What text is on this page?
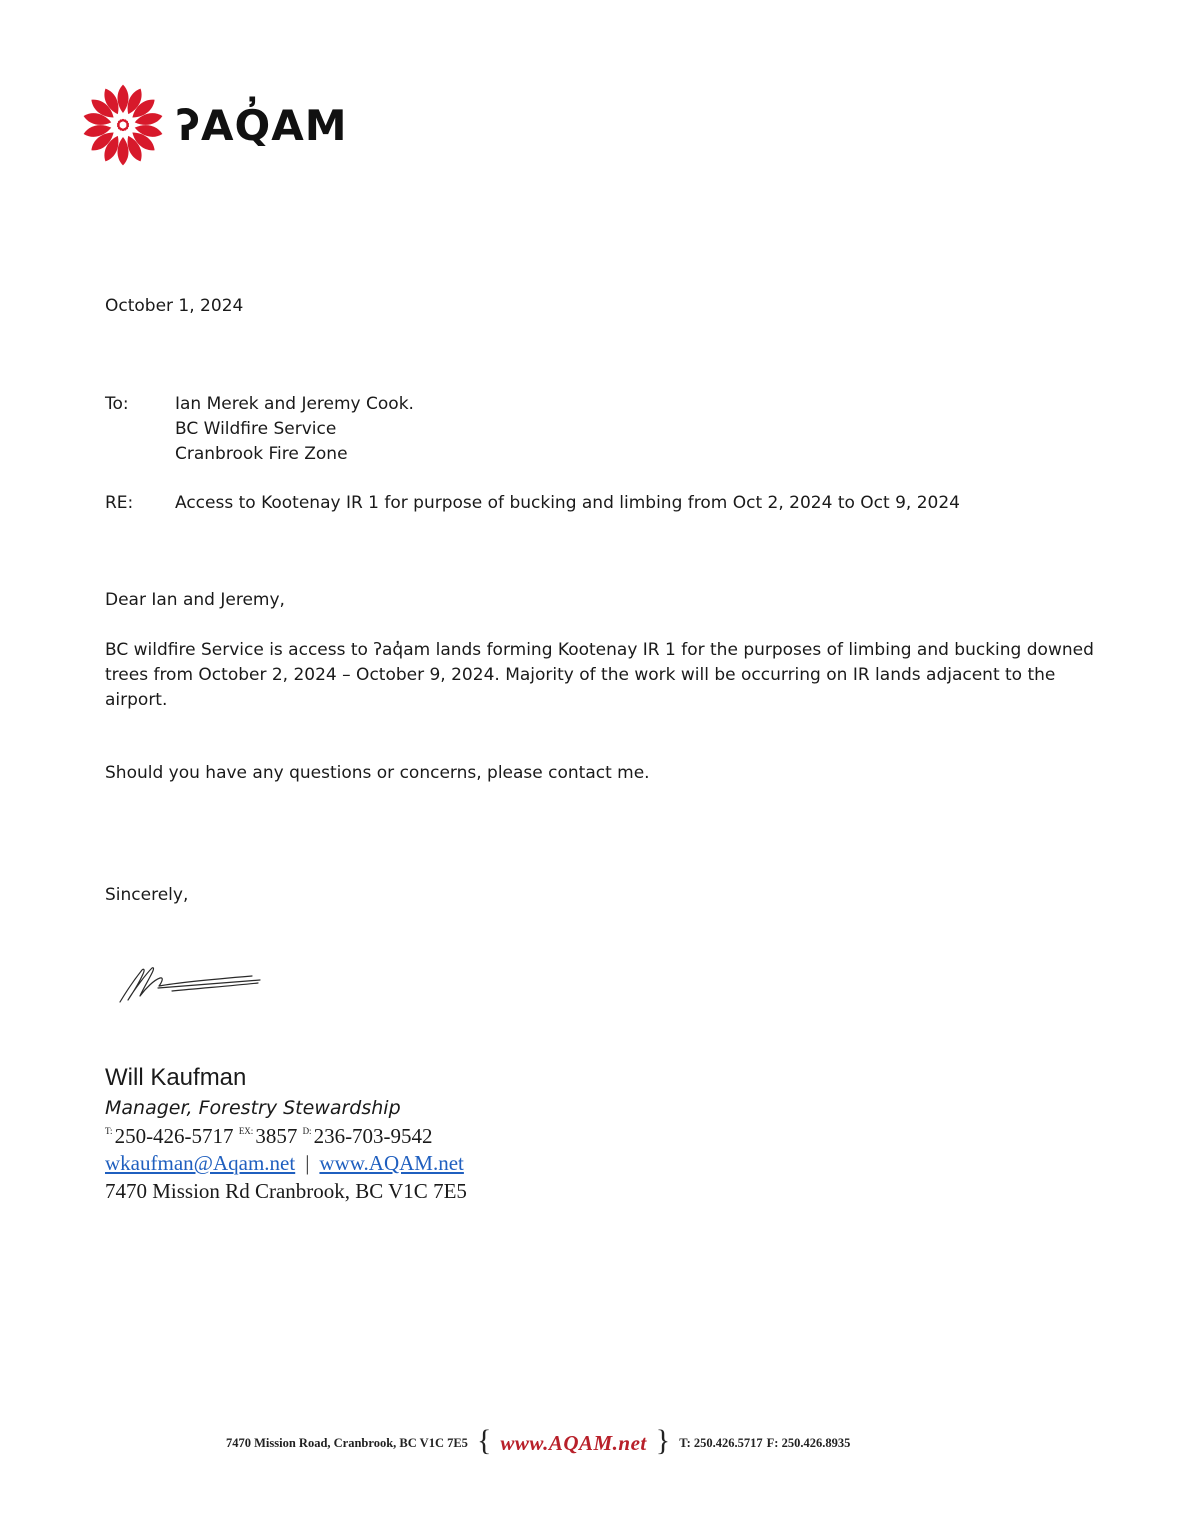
ʔAQ̓AM
October 1, 2024
To:	Ian Merek and Jeremy Cook.
BC Wildfire Service
Cranbrook Fire Zone
RE: Access to Kootenay IR 1 for purpose of bucking and limbing from Oct 2, 2024 to Oct 9, 2024
Dear Ian and Jeremy,
BC wildfire Service is access to ʔaq̓am lands forming Kootenay IR 1 for the purposes of limbing and bucking downed trees from October 2, 2024 – October 9, 2024. Majority of the work will be occurring on IR lands adjacent to the airport.
Should you have any questions or concerns, please contact me.
Sincerely,
Will Kaufman
Manager, Forestry Stewardship
$^{T:}$250-426-5717 $^{EX:}$3857 $^{D:}$236-703-9542
wkaufman@Aqam.net | www.AQAM.net
7470 Mission Rd Cranbrook, BC V1C 7E5
7470 Mission Road, Cranbrook, BC V1C 7E5 { www.AQAM.net } T: 250.426.5717 F: 250.426.8935
